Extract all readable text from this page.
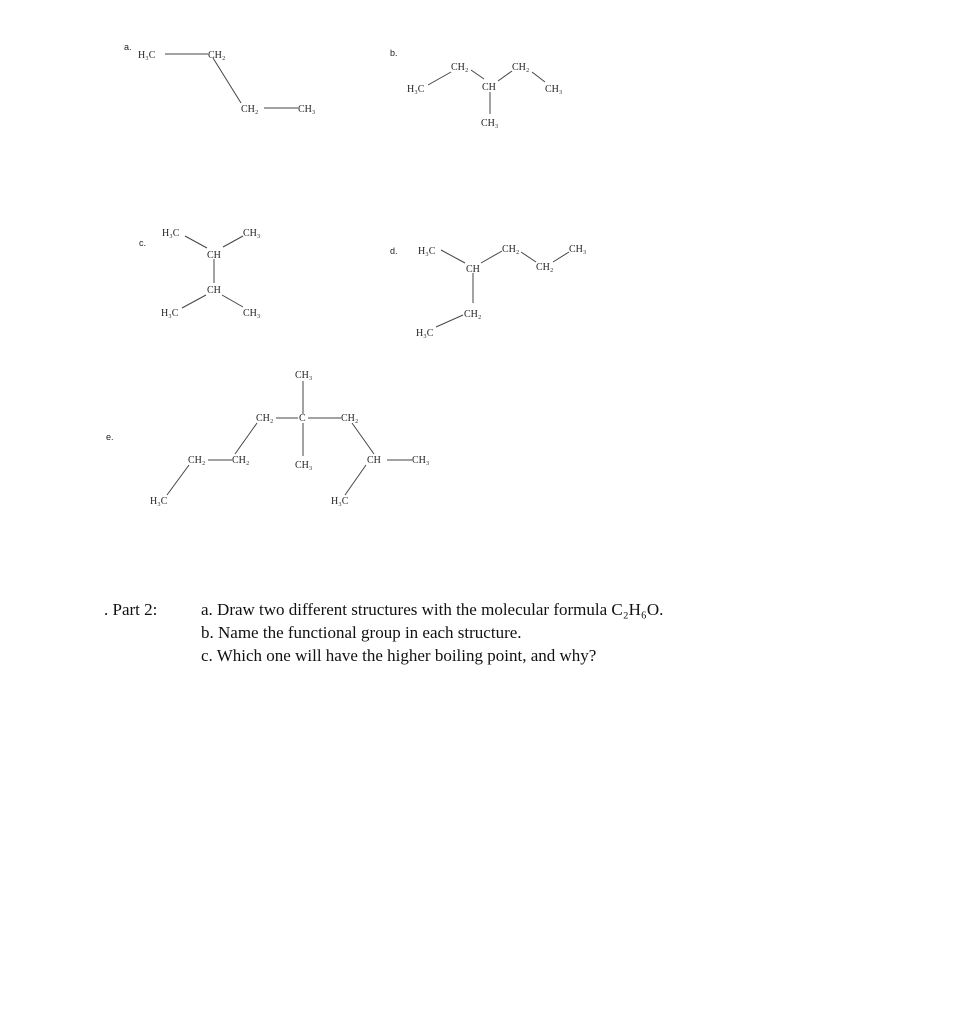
a.
H₃C	CH₂
CH₂	CH₃
b.
H₃C
CH₂
CH
CH₂
CH₃
CH₃
c.
H₃C
CH
CH₃
CH
H₃C	CH₃
d. H₃C
CH
CH₂
CH₂
CH₃
CH₂
H₃C
e.
CH₃
CH₂	C	CH₂
CH₃
CH₂	CH₂
H₃C
CH	CH₃
H₃C
. Part 2:	a. Draw two different structures with the molecular formula C₂H₆O.
b. Name the functional group in each structure.
c. Which one will have the higher boiling point, and why?
